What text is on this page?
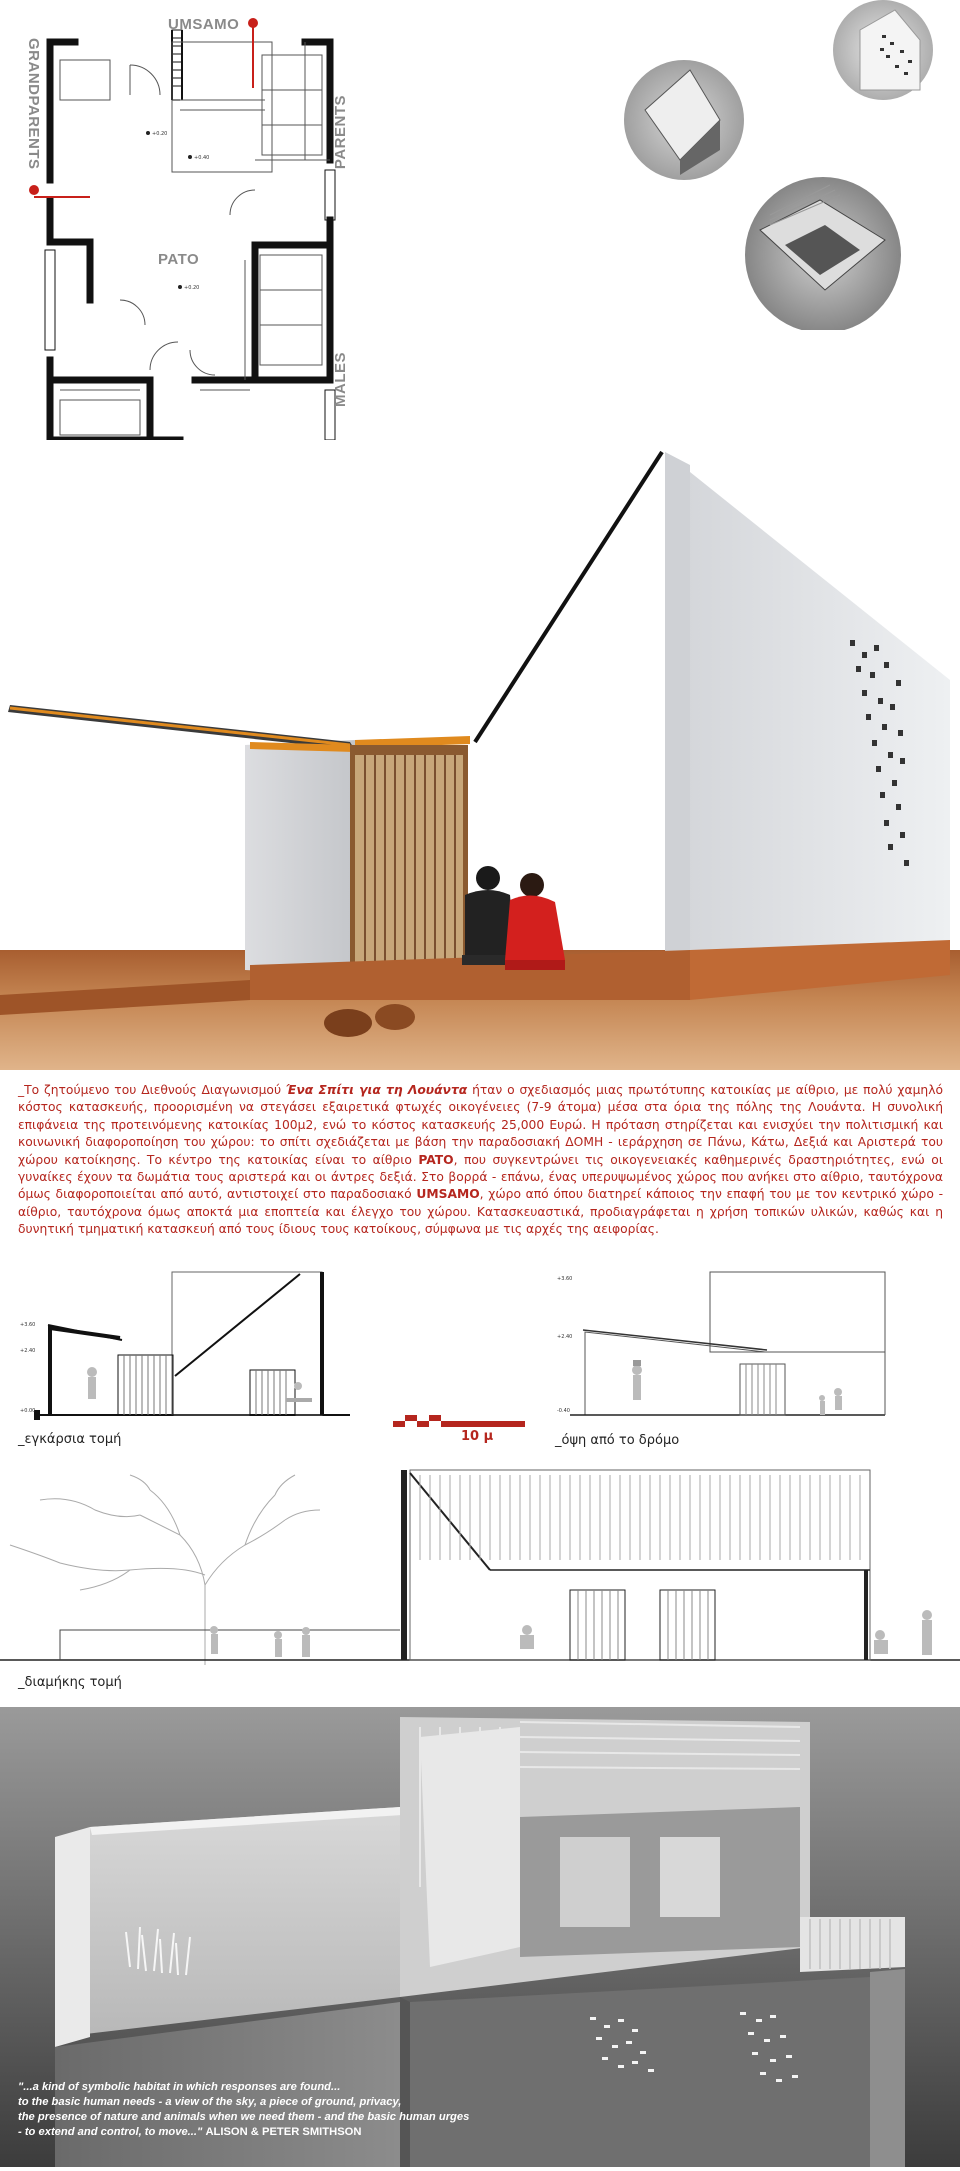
+0.20
+0.40
+0.20
UMSAMO
GRANDPARENTS	PARENTS
PATO
MALES

_Το ζητούμενο του Διεθνούς Διαγωνισμού Ένα Σπίτι για τη Λουάντα ήταν ο σχεδιασμός μιας πρωτότυπης κατοικίας με αίθριο, με πολύ χαμηλό κόστος κατασκευής, προορισμένη να στεγάσει εξαιρετικά φτωχές οικογένειες (7-9 άτομα) μέσα στα όρια της πόλης της Λουάντα. Η συνολική επιφάνεια της προτεινόμενης κατοικίας 100μ2, ενώ το κόστος κατασκευής 25,000 Ευρώ. Η πρόταση στηρίζεται και ενισχύει την πολιτισμική και κοινωνική διαφοροποίηση του χώρου: το σπίτι σχεδιάζεται με βάση την παραδοσιακή ΔΟΜΗ - ιεράρχηση σε Πάνω, Κάτω, Δεξιά και Αριστερά του χώρου κατοίκησης. Το κέντρο της κατοικίας είναι το αίθριο PATO, που συγκεντρώνει τις οικογενειακές καθημερινές δραστηριότητες, ενώ οι γυναίκες έχουν τα δωμάτια τους αριστερά και οι άντρες δεξιά. Στο βορρά - επάνω, ένας υπερυψωμένος χώρος που ανήκει στο αίθριο, ταυτόχρονα όμως διαφοροποιείται από αυτό, αντιστοιχεί στο παραδοσιακό UMSAMO, χώρο από όπου διατηρεί κάποιος την επαφή του με τον κεντρικό χώρο - αίθριο, ταυτόχρονα όμως αποκτά μια εποπτεία και έλεγχο του χώρου. Κατασκευαστικά, προδιαγράφεται η χρήση τοπικών υλικών, καθώς και η δυνητική τμηματική κατασκευή από τους ίδιους τους κατοίκους, σύμφωνα με τις αρχές της αειφορίας.

+3.60
+2.40
+0.00
_εγκάρσια τομή	10 μ
+3.60
+2.40
-0.40
_όψη από το δρόμο
_διαμήκης τομή

"...a kind of symbolic habitat in which responses are found...
to the basic human needs - a view of the sky, a piece of ground, privacy,
the presence of nature and animals when we need them - and the basic human urges
- to extend and control, to move..." ALISON & PETER SMITHSON
